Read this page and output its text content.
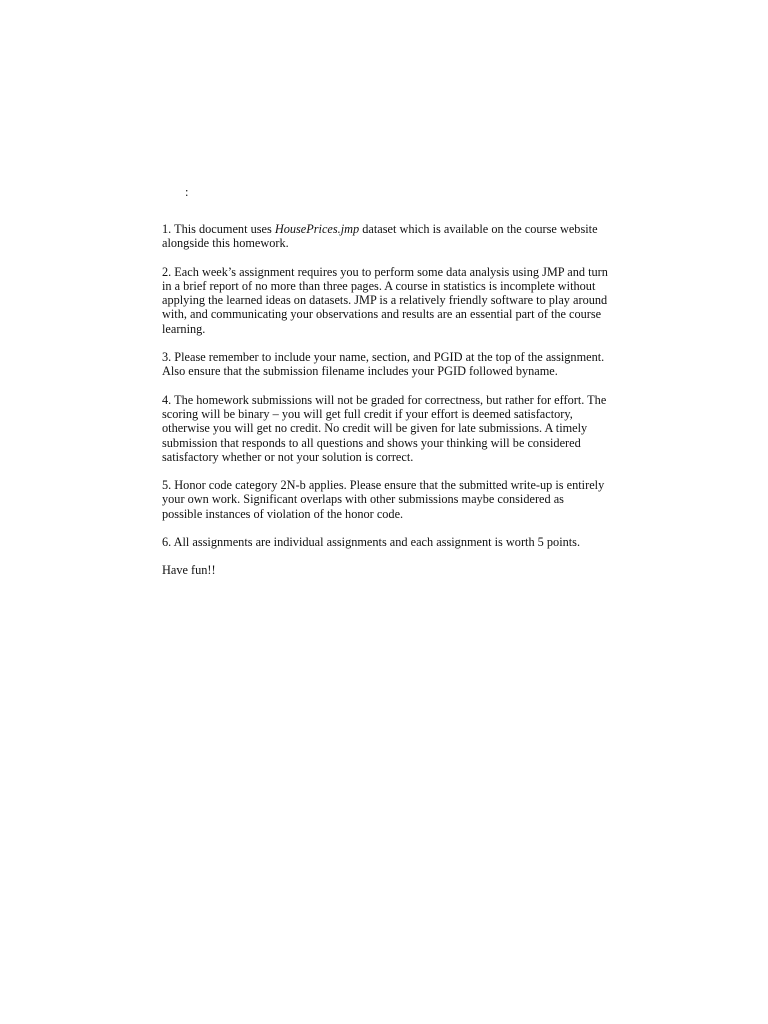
:
1. This document uses HousePrices.jmp dataset which is available on the course website
alongside this homework.
2. Each week’s assignment requires you to perform some data analysis using JMP and turn
in a brief report of no more than three pages. A course in statistics is incomplete without
applying the learned ideas on datasets. JMP is a relatively friendly software to play around
with, and communicating your observations and results are an essential part of the course
learning.
3. Please remember to include your name, section, and PGID at the top of the assignment.
Also ensure that the submission filename includes your PGID followed byname.
4. The homework submissions will not be graded for correctness, but rather for effort. The
scoring will be binary – you will get full credit if your effort is deemed satisfactory,
otherwise you will get no credit. No credit will be given for late submissions. A timely
submission that responds to all questions and shows your thinking will be considered
satisfactory whether or not your solution is correct.
5. Honor code category 2N-b applies. Please ensure that the submitted write-up is entirely
your own work. Significant overlaps with other submissions maybe considered as
possible instances of violation of the honor code.
6. All assignments are individual assignments and each assignment is worth 5 points.
Have fun!!
